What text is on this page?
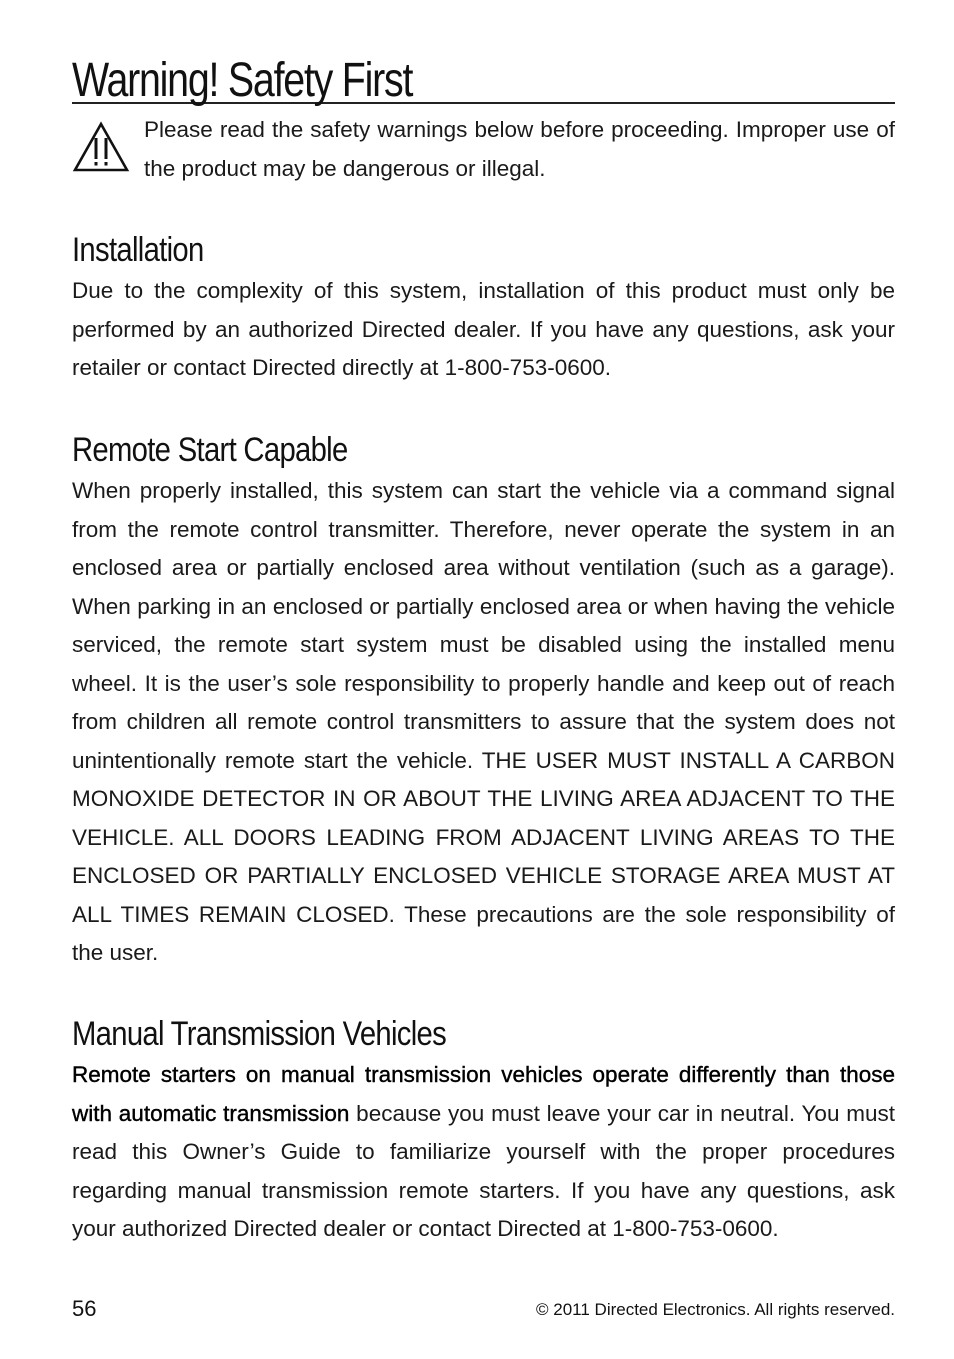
Warning! Safety First

Please read the safety warnings below before proceeding. Improper use of the product may be dangerous or illegal.

Installation

Due to the complexity of this system, installation of this product must only be performed by an authorized Directed dealer. If you have any questions, ask your retailer or contact Directed directly at 1-800-753-0600.

Remote Start Capable

When properly installed, this system can start the vehicle via a command signal from the remote control transmitter. Therefore, never operate the system in an enclosed area or partially enclosed area without ventilation (such as a garage). When parking in an enclosed or partially enclosed area or when having the vehicle serviced, the remote start system must be disabled using the installed menu wheel. It is the user’s sole responsibility to properly handle and keep out of reach from children all remote control transmitters to assure that the system does not unintentionally remote start the vehicle. THE USER MUST INSTALL A CARBON MONOXIDE DETECTOR IN OR ABOUT THE LIVING AREA ADJACENT TO THE VEHICLE. ALL DOORS LEADING FROM ADJACENT LIVING AREAS TO THE ENCLOSED OR PARTIALLY ENCLOSED VEHICLE STORAGE AREA MUST AT ALL TIMES REMAIN CLOSED. These precautions are the sole responsibility of the user.

Manual Transmission Vehicles

Remote starters on manual transmission vehicles operate differently than those with automatic transmission because you must leave your car in neutral. You must read this Owner’s Guide to familiarize yourself with the proper procedures regarding manual transmission remote starters. If you have any questions, ask your authorized Directed dealer or contact Directed at 1-800-753-0600.

56	© 2011 Directed Electronics. All rights reserved.
